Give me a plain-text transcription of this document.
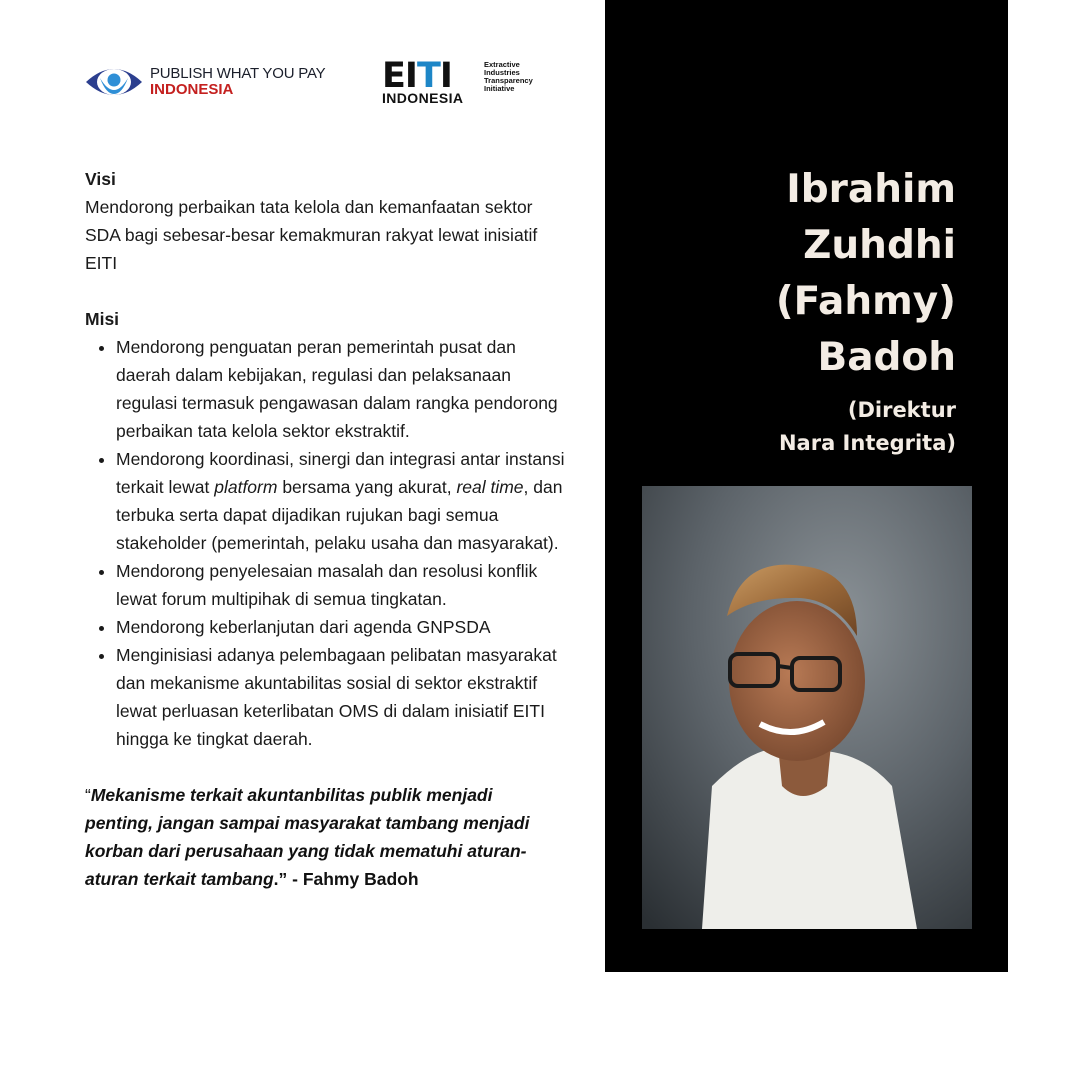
PUBLISH WHAT YOU PAY
INDONESIA	EITI	Extractive
Industries
Transparency
Initiative
INDONESIA
Visi

Mendorong perbaikan tata kelola dan kemanfaatan sektor SDA bagi sebesar-besar kemakmuran rakyat lewat inisiatif EITI

Misi
• Mendorong penguatan peran pemerintah pusat dan daerah dalam kebijakan, regulasi dan pelaksanaan regulasi termasuk pengawasan dalam rangka pendorong perbaikan tata kelola sektor ekstraktif.
• Mendorong koordinasi, sinergi dan integrasi antar instansi terkait lewat platform bersama yang akurat, real time, dan terbuka serta dapat dijadikan rujukan bagi semua stakeholder (pemerintah, pelaku usaha dan masyarakat).
• Mendorong penyelesaian masalah dan resolusi konflik lewat forum multipihak di semua tingkatan.
• Mendorong keberlanjutan dari agenda GNPSDA
• Menginisiasi adanya pelembagaan pelibatan masyarakat dan mekanisme akuntabilitas sosial di sektor ekstraktif lewat perluasan keterlibatan OMS di dalam inisiatif EITI hingga ke tingkat daerah.
“Mekanisme terkait akuntanbilitas publik menjadi penting, jangan sampai masyarakat tambang menjadi korban dari perusahaan yang tidak mematuhi aturan-aturan terkait tambang.” - Fahmy Badoh
Ibrahim
Zuhdhi
(Fahmy)
Badoh
(Direktur
Nara Integrita)
